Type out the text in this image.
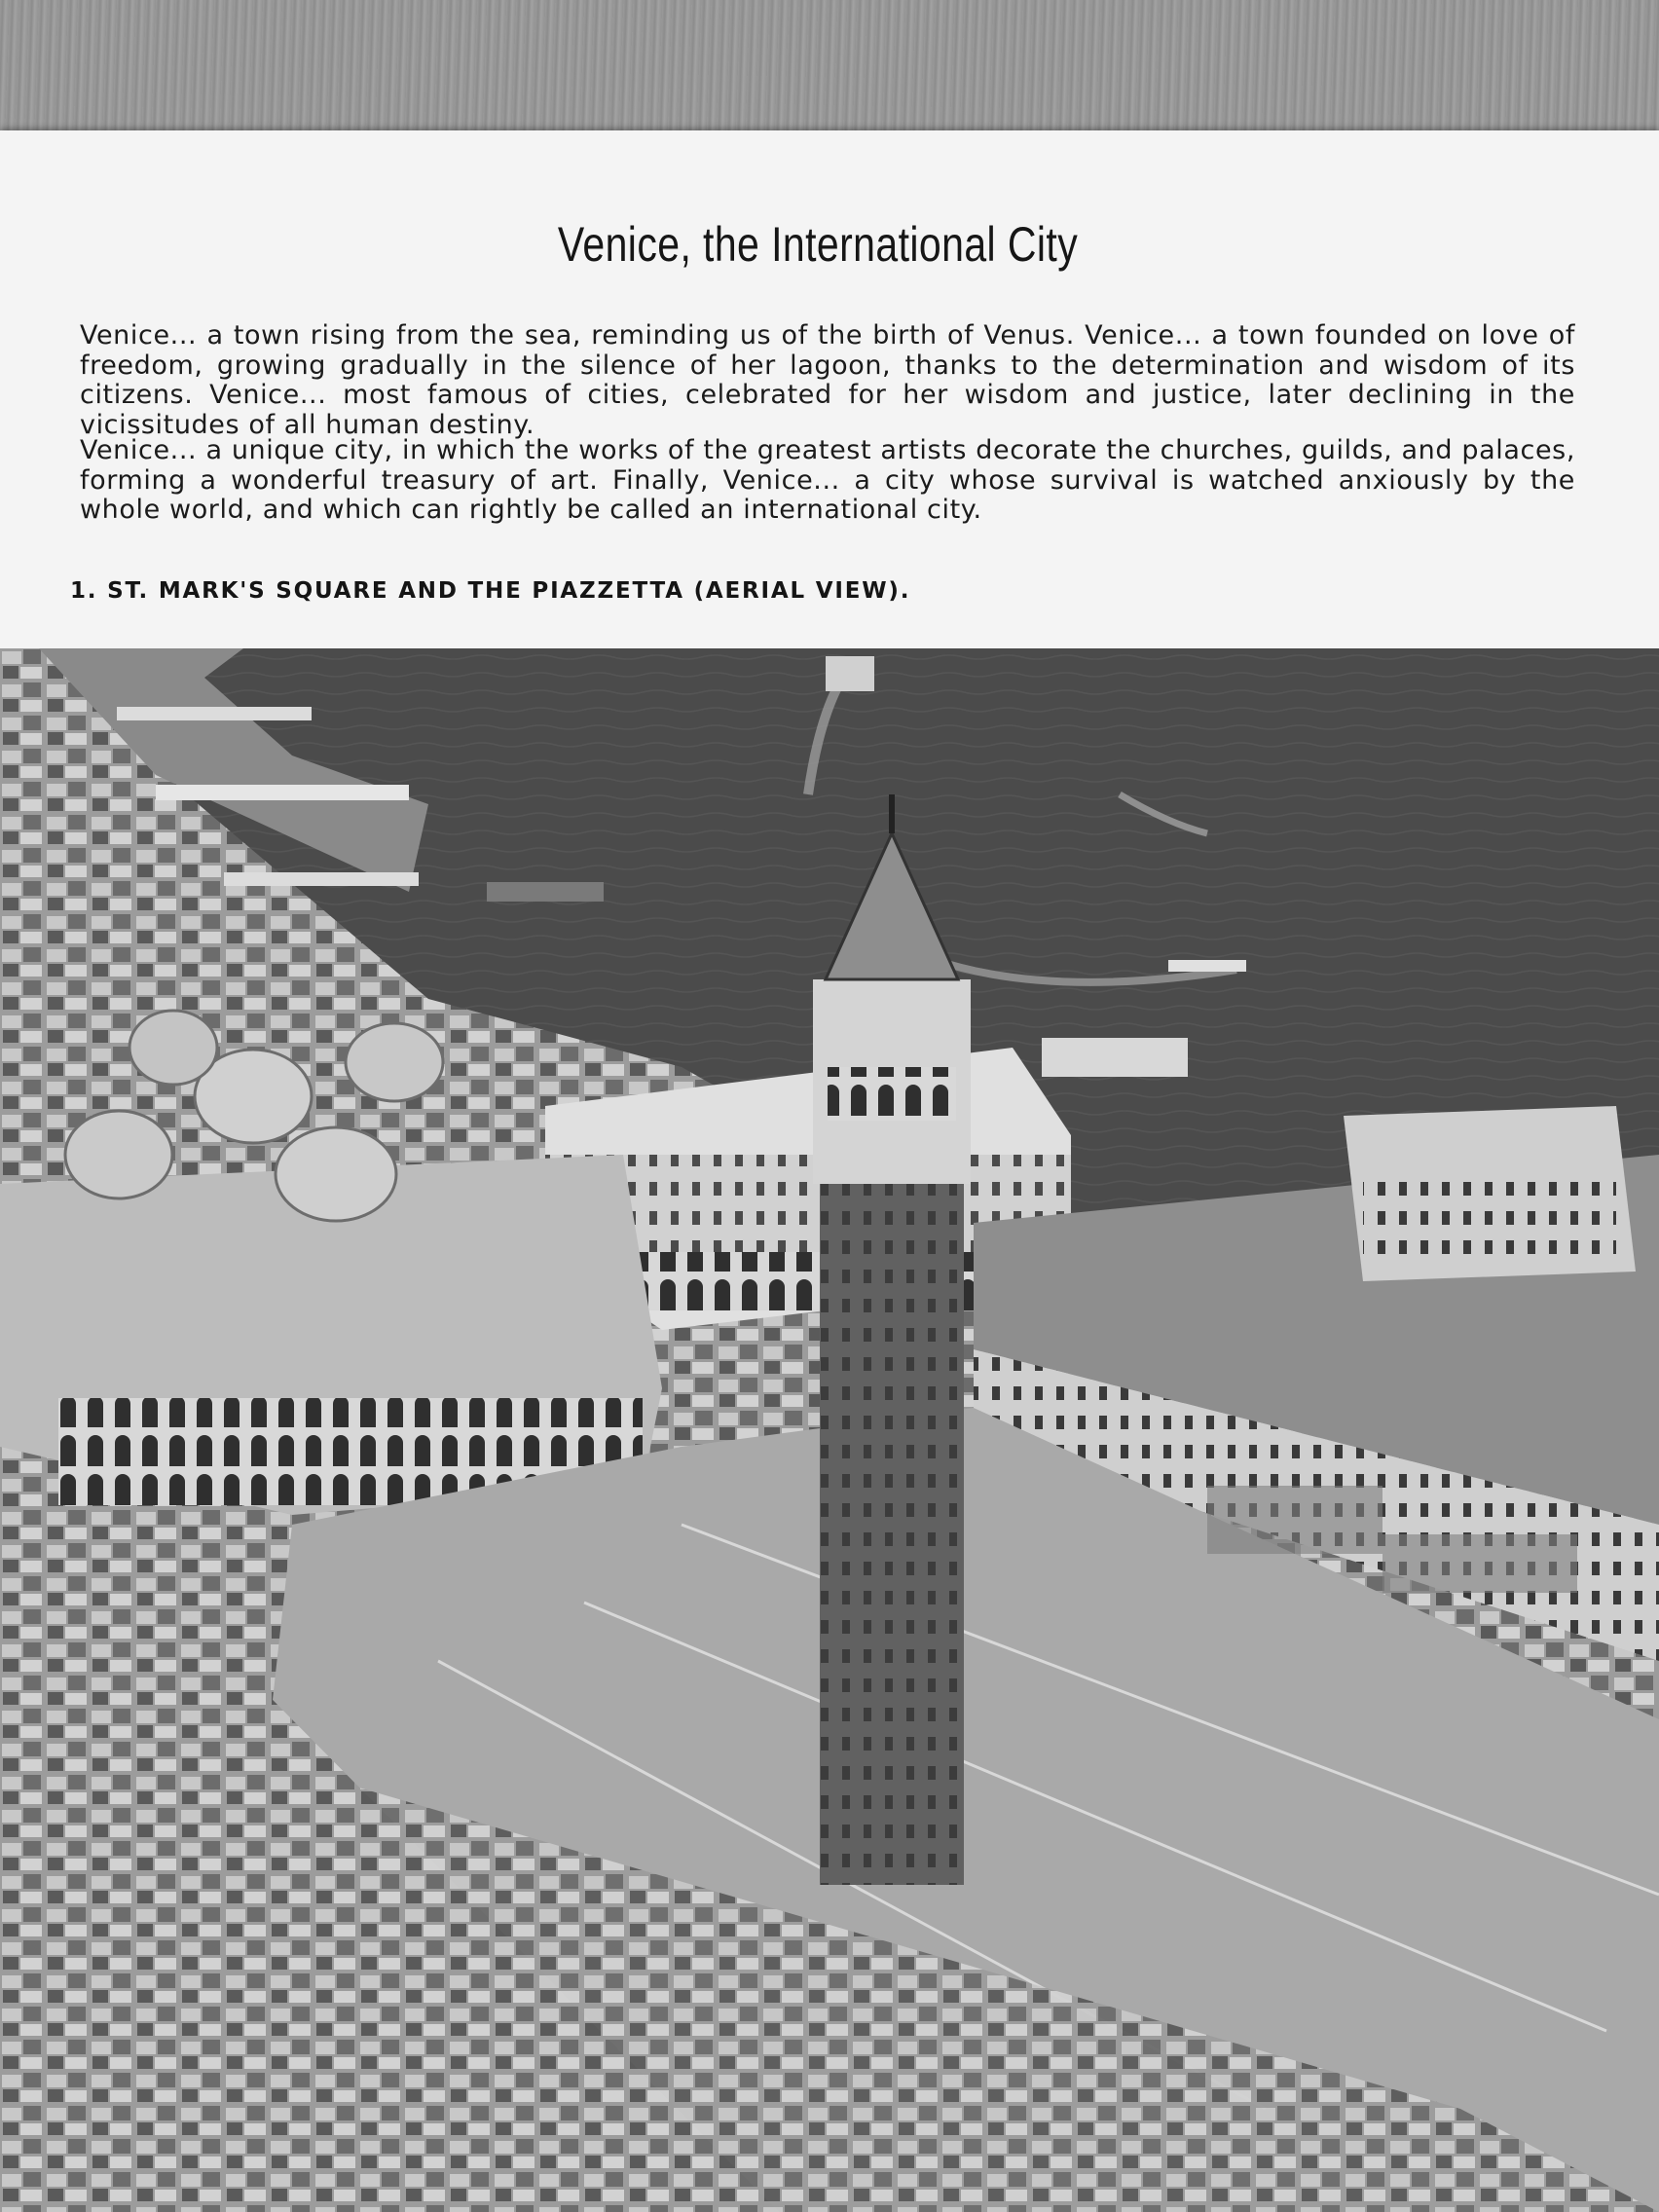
Venice, the International City
Venice... a town rising from the sea, reminding us of the birth of Venus. Venice... a town founded on love of freedom, growing gradually in the silence of her lagoon, thanks to the determination and wisdom of its citizens. Venice... most famous of cities, celebrated for her wisdom and justice, later declining in the vicissitudes of all human destiny.
Venice... a unique city, in which the works of the greatest artists decorate the churches, guilds, and palaces, forming a wonderful treasury of art. Finally, Venice... a city whose survival is watched anxiously by the whole world, and which can rightly be called an international city.
1. ST. MARK'S SQUARE AND THE PIAZZETTA (AERIAL VIEW).
